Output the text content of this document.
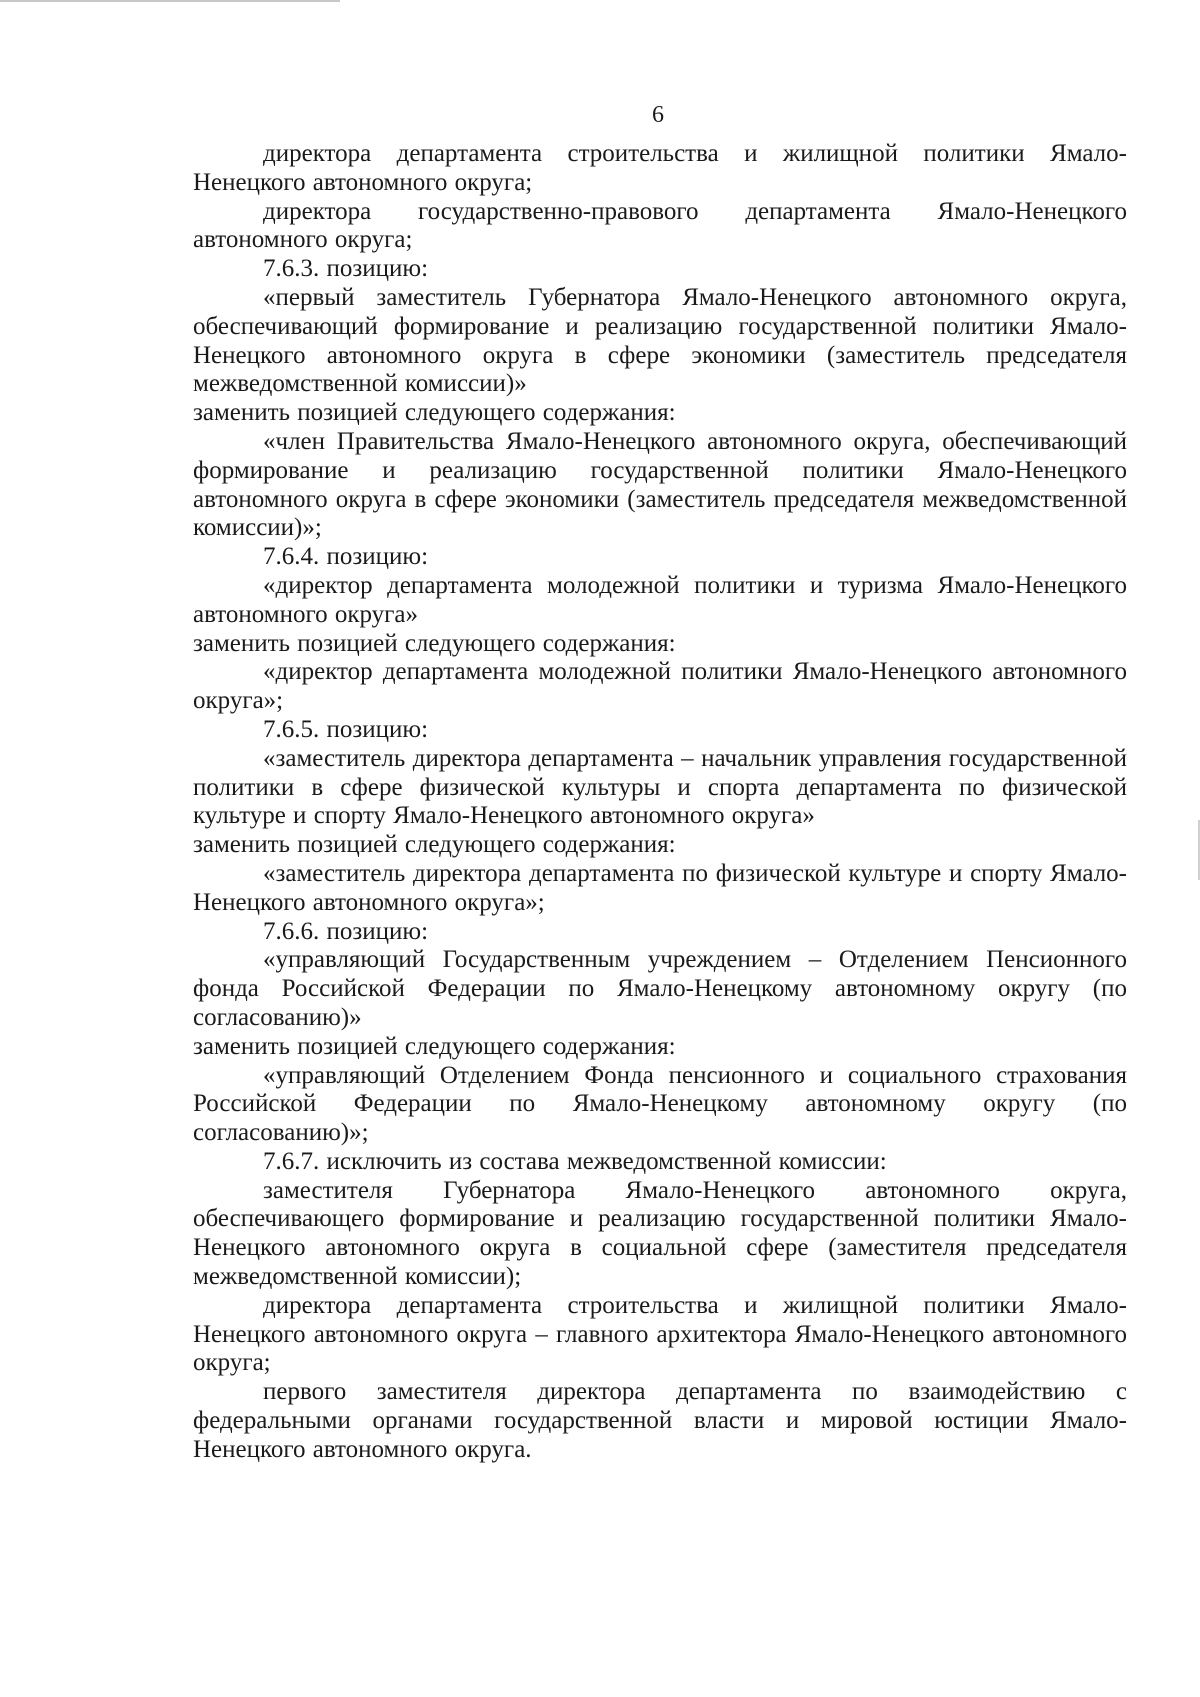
6

директора департамента строительства и жилищной политики Ямало-Ненецкого автономного округа;

директора государственно-правового департамента Ямало-Ненецкого автономного округа;

7.6.3. позицию:

«первый заместитель Губернатора Ямало-Ненецкого автономного округа, обеспечивающий формирование и реализацию государственной политики Ямало-Ненецкого автономного округа в сфере экономики (заместитель председателя межведомственной комиссии)»

заменить позицией следующего содержания:

«член Правительства Ямало-Ненецкого автономного округа, обеспечивающий формирование и реализацию государственной политики Ямало-Ненецкого автономного округа в сфере экономики (заместитель председателя межведомственной комиссии)»;

7.6.4. позицию:

«директор департамента молодежной политики и туризма Ямало-Ненецкого автономного округа»

заменить позицией следующего содержания:

«директор департамента молодежной политики Ямало-Ненецкого автономного округа»;

7.6.5. позицию:

«заместитель директора департамента – начальник управления государственной политики в сфере физической культуры и спорта департамента по физической культуре и спорту Ямало-Ненецкого автономного округа»

заменить позицией следующего содержания:

«заместитель директора департамента по физической культуре и спорту Ямало-Ненецкого автономного округа»;

7.6.6. позицию:

«управляющий Государственным учреждением – Отделением Пенсионного фонда Российской Федерации по Ямало-Ненецкому автономному округу (по согласованию)»

заменить позицией следующего содержания:

«управляющий Отделением Фонда пенсионного и социального страхования Российской Федерации по Ямало-Ненецкому автономному округу (по согласованию)»;

7.6.7. исключить из состава межведомственной комиссии:

заместителя Губернатора Ямало-Ненецкого автономного округа, обеспечивающего формирование и реализацию государственной политики Ямало-Ненецкого автономного округа в социальной сфере (заместителя председателя межведомственной комиссии);

директора департамента строительства и жилищной политики Ямало-Ненецкого автономного округа – главного архитектора Ямало-Ненецкого автономного округа;

первого заместителя директора департамента по взаимодействию с федеральными органами государственной власти и мировой юстиции Ямало-Ненецкого автономного округа.
